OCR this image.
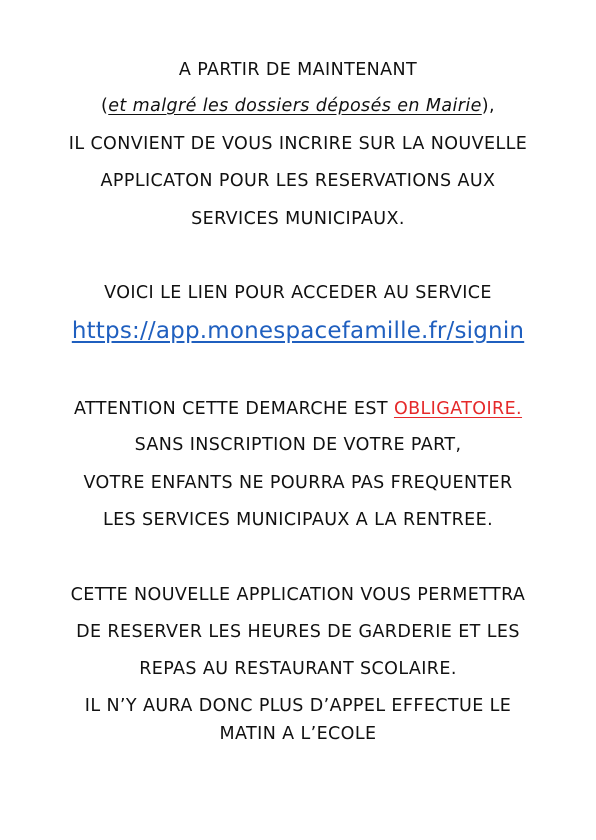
A PARTIR DE MAINTENANT
(et malgré les dossiers déposés en Mairie),
IL CONVIENT DE VOUS INCRIRE SUR LA NOUVELLE
APPLICATON POUR LES RESERVATIONS AUX
SERVICES MUNICIPAUX.
VOICI LE LIEN POUR ACCEDER AU SERVICE
https://app.monespacefamille.fr/signin
ATTENTION CETTE DEMARCHE EST OBLIGATOIRE.
SANS INSCRIPTION DE VOTRE PART,
VOTRE ENFANTS NE POURRA PAS FREQUENTER
LES SERVICES MUNICIPAUX A LA RENTREE.
CETTE NOUVELLE APPLICATION VOUS PERMETTRA
DE RESERVER LES HEURES DE GARDERIE ET LES
REPAS AU RESTAURANT SCOLAIRE.
IL N’Y AURA DONC PLUS D’APPEL EFFECTUE LE
MATIN A L’ECOLE
